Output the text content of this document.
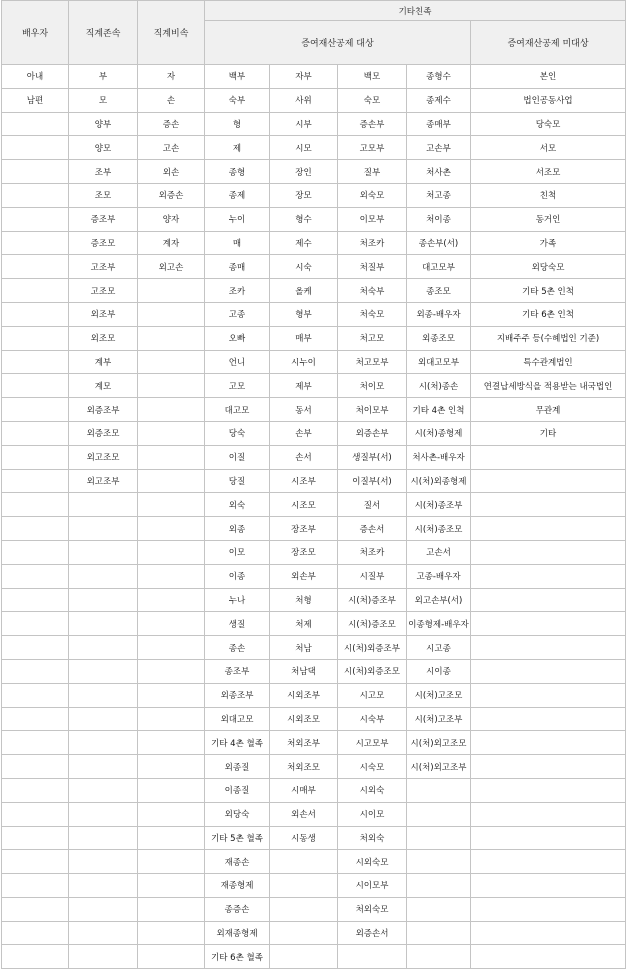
배우자	직계존속	직계비속	기타친족				
			증여재산공제 대상				증여재산공제 미대상
아내	부	자	백부	자부	백모	종형수	본인
남편	모	손	숙부	사위	숙모	종제수	법인공동사업
	양부	증손	형	시부	증손부	종매부	당숙모
	양모	고손	제	시모	고모부	고손부	서모
	조부	외손	종형	장인	질부	처사촌	서조모
	조모	외증손	종제	장모	외숙모	처고종	친척
	증조부	양자	누이	형수	이모부	처이종	동거인
	증조모	계자	매	제수	처조카	종손부(서)	가족
	고조부	외고손	종매	시숙	처질부	대고모부	외당숙모
	고조모		조카	올케	처숙부	종조모	기타 5촌 인척
	외조부		고종	형부	처숙모	외종-배우자	기타 6촌 인척
	외조모		오빠	매부	처고모	외종조모	지배주주 등(수혜법인 기준)
	계부		언니	시누이	처고모부	외대고모부	특수관계법인
	계모		고모	제부	처이모	시(처)종손	연결납세방식을 적용받는 내국법인
	외증조부		대고모	동서	처이모부	기타 4촌 인척	무관계
	외증조모		당숙	손부	외증손부	시(처)종형제	기타
	외고조모		이질	손서	생질부(서)	처사촌-배우자	
	외고조부		당질	시조부	이질부(서)	시(처)외종형제	
			외숙	시조모	질서	시(처)종조부	
			외종	장조부	증손서	시(처)종조모	
			이모	장조모	처조카	고손서	
			이종	외손부	시질부	고종-배우자	
			누나	처형	시(처)증조부	외고손부(서)	
			생질	처제	시(처)증조모	이종형제-배우자	
			종손	처남	시(처)외증조부	시고종	
			종조부	처남댁	시(처)외증조모	시이종	
			외종조부	시외조부	시고모	시(처)고조모	
			외대고모	시외조모	시숙부	시(처)고조부	
			기타 4촌 혈족	처외조부	시고모부	시(처)외고조모	
			외종질	처외조모	시숙모	시(처)외고조부	
			이종질	시매부	시외숙		
			외당숙	외손서	시이모		
			기타 5촌 혈족	시동생	처외숙		
			재종손		시외숙모		
			재종형제		시이모부		
			종증손		처외숙모		
			외재종형제		외증손서		
			기타 6촌 혈족				
